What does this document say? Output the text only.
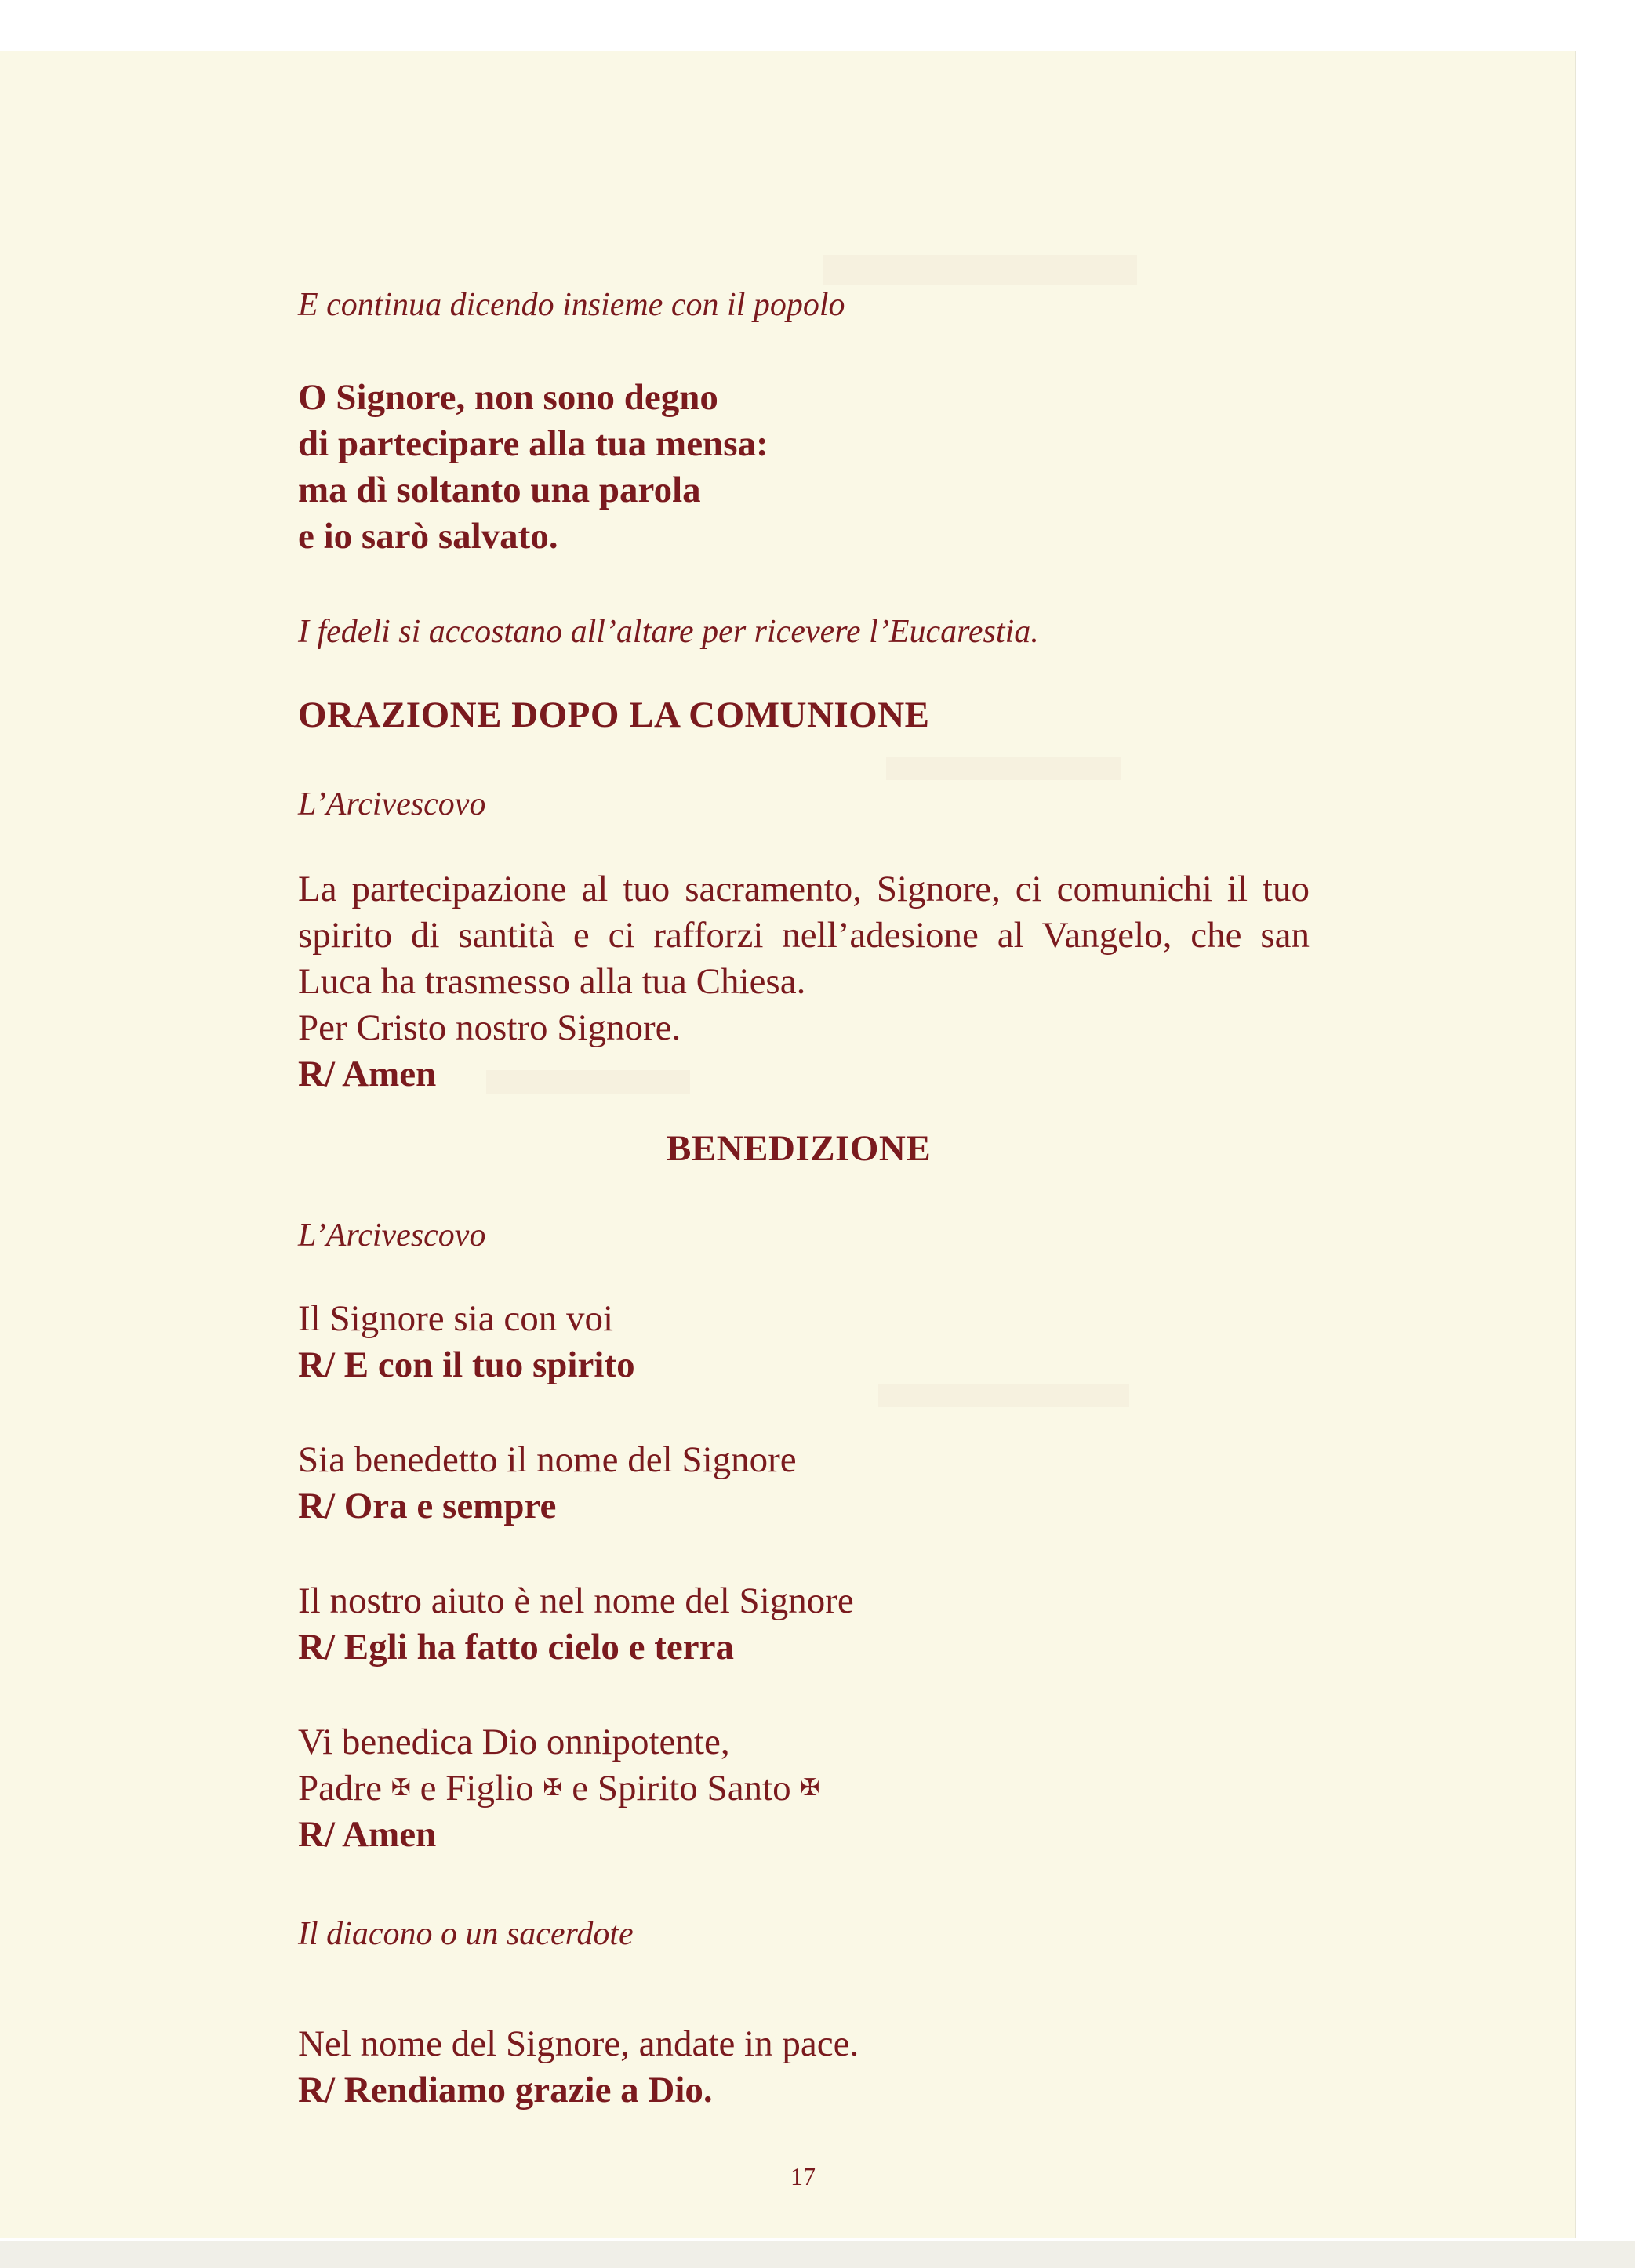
E continua dicendo insieme con il popolo
O Signore, non sono degno
di partecipare alla tua mensa:
ma dì soltanto una parola
e io sarò salvato.
I fedeli si accostano all’altare per ricevere l’Eucarestia.
ORAZIONE DOPO LA COMUNIONE
L’Arcivescovo
La partecipazione al tuo sacramento, Signore, ci comunichi il tuo
spirito di santità e ci rafforzi nell’adesione al Vangelo, che san
Luca ha trasmesso alla tua Chiesa.
Per Cristo nostro Signore.
R/ Amen
BENEDIZIONE
L’Arcivescovo
Il Signore sia con voi
R/ E con il tuo spirito
Sia benedetto il nome del Signore
R/ Ora e sempre
Il nostro aiuto è nel nome del Signore
R/ Egli ha fatto cielo e terra
Vi benedica Dio onnipotente,
Padre ✠ e Figlio ✠ e Spirito Santo ✠
R/ Amen
Il diacono o un sacerdote
Nel nome del Signore, andate in pace.
R/ Rendiamo grazie a Dio.
17
